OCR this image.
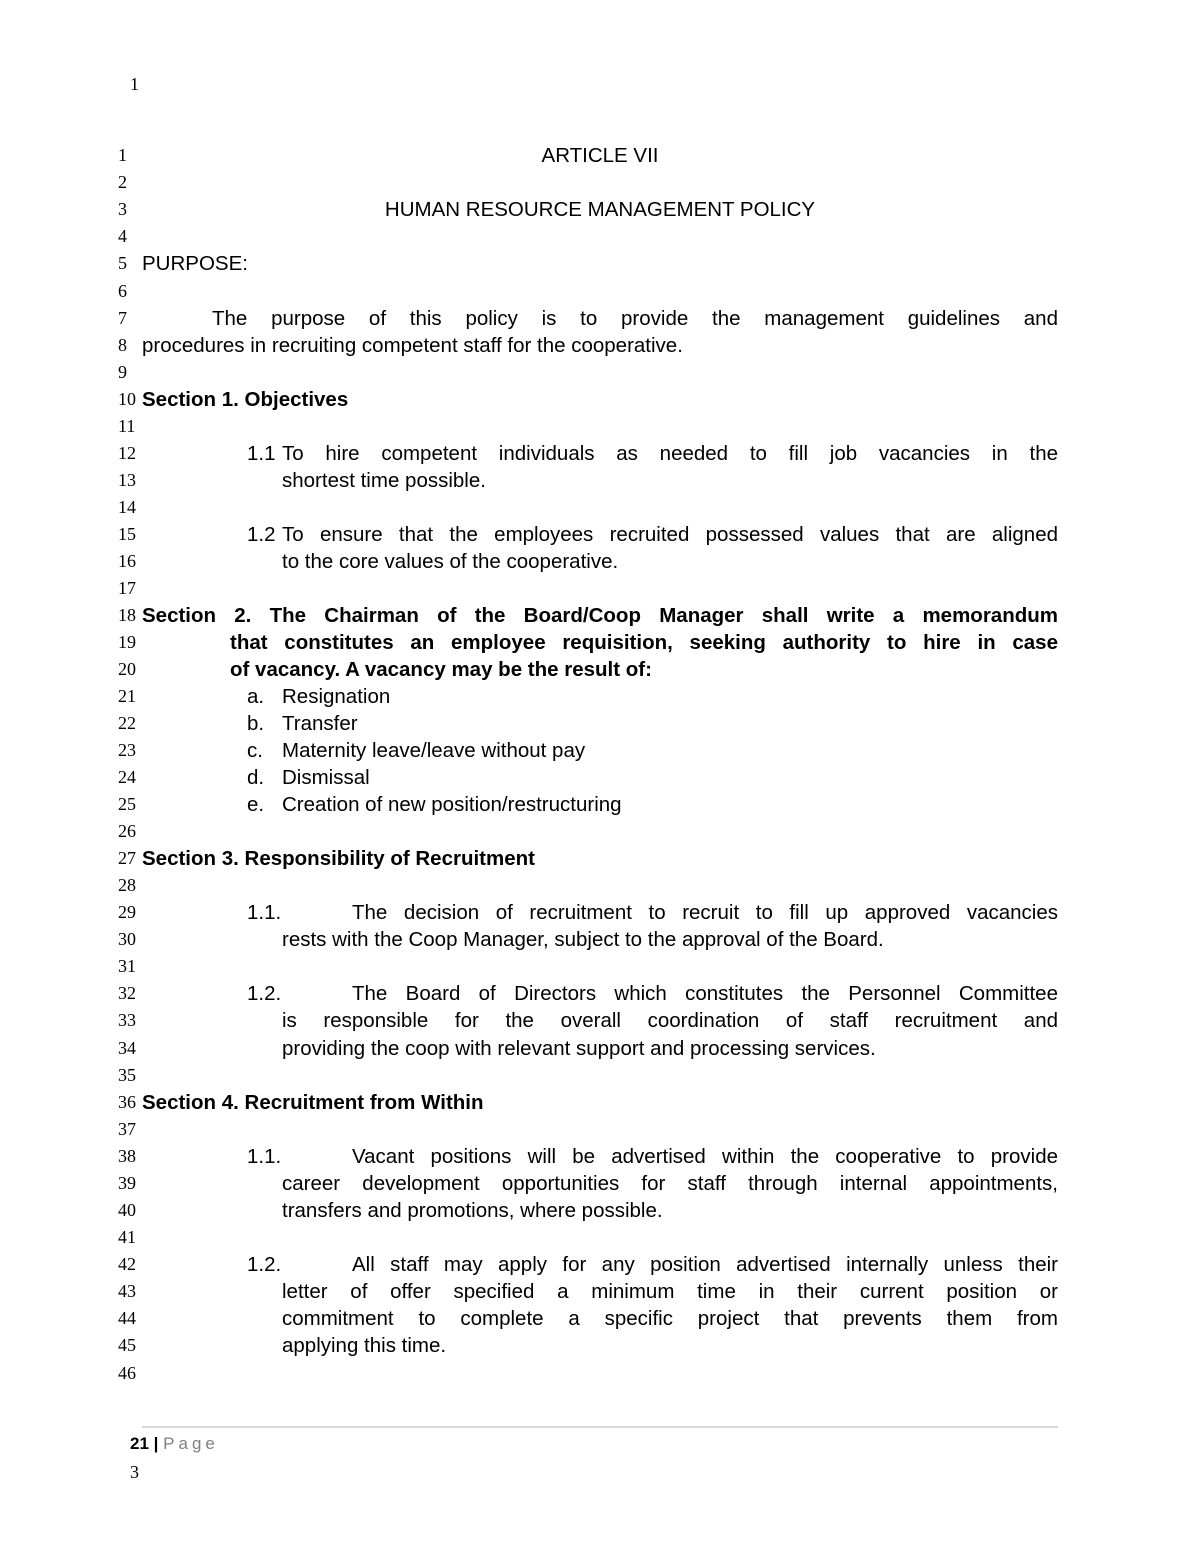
1
1	ARTICLE VII
2
3	HUMAN RESOURCE MANAGEMENT POLICY
4
5 PURPOSE:
6
7	The purpose of this policy is to provide the management guidelines and
8 procedures in recruiting competent staff for the cooperative.
9
10 Section 1. Objectives
11
12	1.1 To hire competent individuals as needed to fill job vacancies in the
13	shortest time possible.
14
15	1.2 To ensure that the employees recruited possessed values that are aligned
16	to the core values of the cooperative.
17
18 Section 2. The Chairman of the Board/Coop Manager shall write a memorandum
19	that constitutes an employee requisition, seeking authority to hire in case
20	of vacancy. A vacancy may be the result of:
21	a. Resignation
22	b. Transfer
23	c. Maternity leave/leave without pay
24	d. Dismissal
25	e. Creation of new position/restructuring
26
27 Section 3. Responsibility of Recruitment
28
29	1.1.	The decision of recruitment to recruit to fill up approved vacancies
30	rests with the Coop Manager, subject to the approval of the Board.
31
32	1.2.	The Board of Directors which constitutes the Personnel Committee
33	is responsible for the overall coordination of staff recruitment and
34	providing the coop with relevant support and processing services.
35
36 Section 4. Recruitment from Within
37
38	1.1.	Vacant positions will be advertised within the cooperative to provide
39	career development opportunities for staff through internal appointments,
40	transfers and promotions, where possible.
41
42	1.2.	All staff may apply for any position advertised internally unless their
43	letter of offer specified a minimum time in their current position or
44	commitment to complete a specific project that prevents them from
45	applying this time.
46
21 | Page
3
